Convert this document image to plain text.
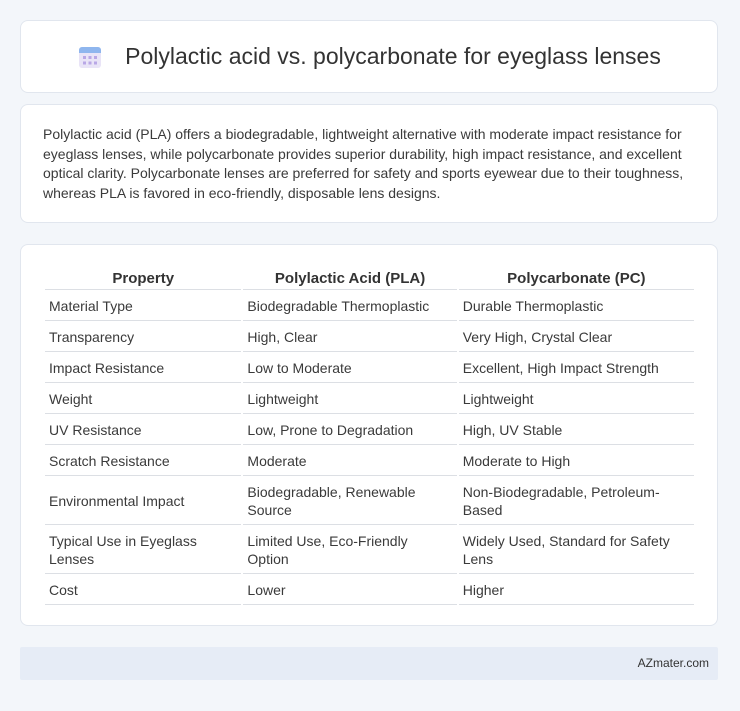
Polylactic acid vs. polycarbonate for eyeglass lenses

Polylactic acid (PLA) offers a biodegradable, lightweight alternative with moderate impact resistance for eyeglass lenses, while polycarbonate provides superior durability, high impact resistance, and excellent optical clarity. Polycarbonate lenses are preferred for safety and sports eyewear due to their toughness, whereas PLA is favored in eco-friendly, disposable lens designs.

Property	Polylactic Acid (PLA)	Polycarbonate (PC)
Material Type	Biodegradable Thermoplastic	Durable Thermoplastic
Transparency	High, Clear	Very High, Crystal Clear
Impact Resistance	Low to Moderate	Excellent, High Impact Strength
Weight	Lightweight	Lightweight
UV Resistance	Low, Prone to Degradation	High, UV Stable
Scratch Resistance	Moderate	Moderate to High
Environmental Impact	Biodegradable, Renewable Source	Non-Biodegradable, Petroleum-Based
Typical Use in Eyeglass Lenses	Limited Use, Eco-Friendly Option	Widely Used, Standard for Safety Lens
Cost	Lower	Higher
AZmater.com
